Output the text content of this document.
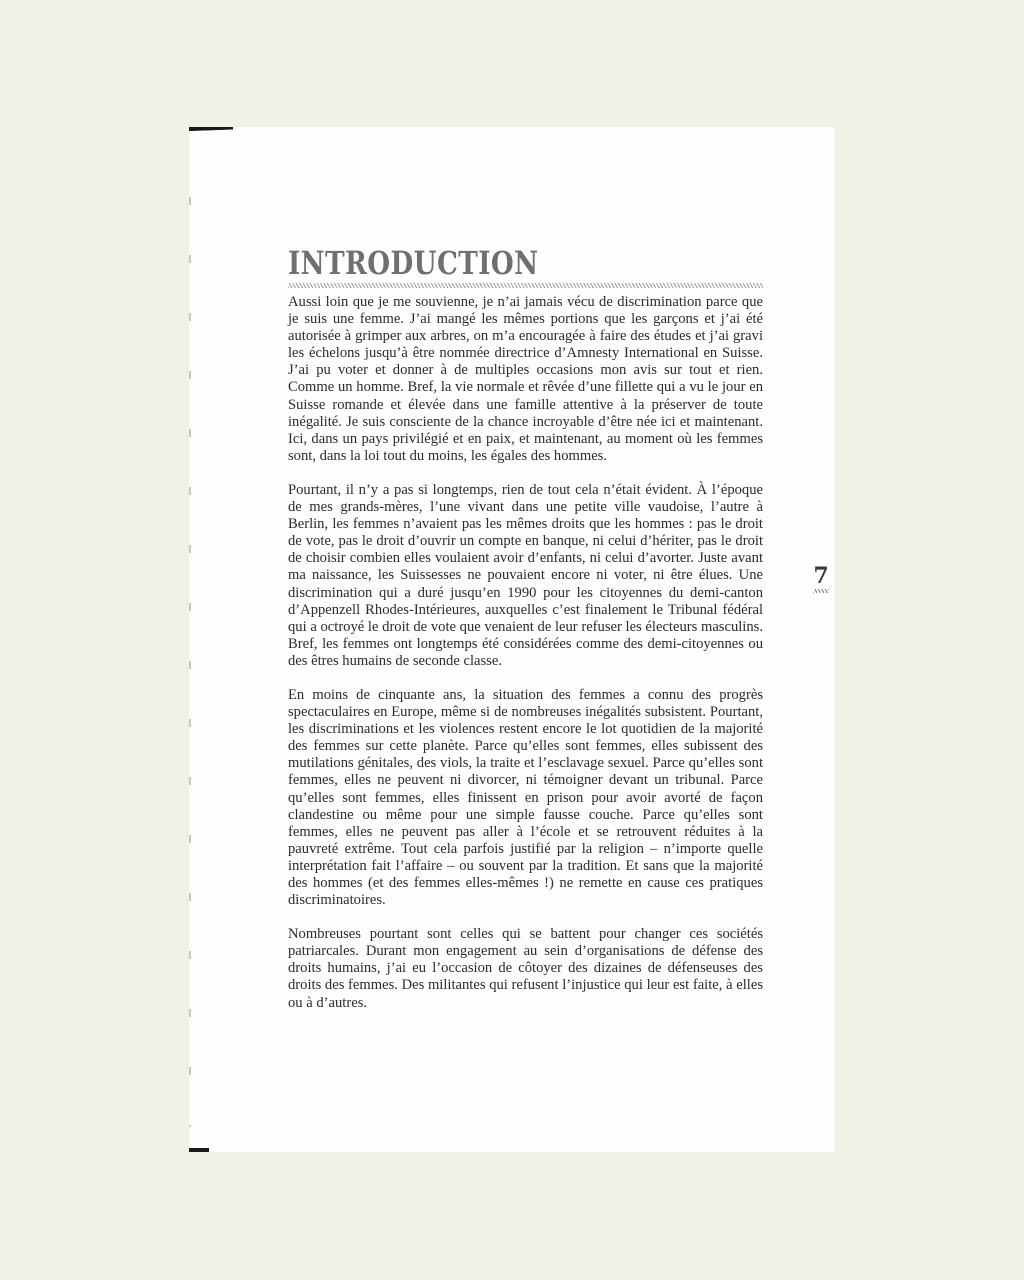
INTRODUCTION

Aussi loin que je me souvienne, je n’ai jamais vécu de discrimination parce que je suis une femme. J’ai mangé les mêmes portions que les garçons et j’ai été autorisée à grimper aux arbres, on m’a encouragée à faire des études et j’ai gravi les échelons jusqu’à être nommée directrice d’Amnesty International en Suisse. J’ai pu voter et donner à de multiples occasions mon avis sur tout et rien. Comme un homme. Bref, la vie normale et rêvée d’une fillette qui a vu le jour en Suisse romande et élevée dans une famille attentive à la préserver de toute inégalité. Je suis consciente de la chance incroyable d’être née ici et maintenant. Ici, dans un pays privilégié et en paix, et maintenant, au moment où les femmes sont, dans la loi tout du moins, les égales des hommes.

Pourtant, il n’y a pas si longtemps, rien de tout cela n’était évident. À l’époque de mes grands-mères, l’une vivant dans une petite ville vaudoise, l’autre à Berlin, les femmes n’avaient pas les mêmes droits que les hommes : pas le droit de vote, pas le droit d’ouvrir un compte en banque, ni celui d’hériter, pas le droit de choisir combien elles voulaient avoir d’enfants, ni celui d’avorter. Juste avant ma naissance, les Suissesses ne pouvaient encore ni voter, ni être élues. Une discrimination qui a duré jusqu’en 1990 pour les citoyennes du demi-canton d’Appenzell Rhodes-Intérieures, auxquelles c’est finalement le Tribunal fédéral qui a octroyé le droit de vote que venaient de leur refuser les électeurs masculins. Bref, les femmes ont longtemps été considérées comme des demi-citoyennes ou des êtres humains de seconde classe.

En moins de cinquante ans, la situation des femmes a connu des progrès spectaculaires en Europe, même si de nombreuses inégalités subsistent. Pourtant, les discriminations et les violences restent encore le lot quotidien de la majorité des femmes sur cette planète. Parce qu’elles sont femmes, elles subissent des mutilations génitales, des viols, la traite et l’esclavage sexuel. Parce qu’elles sont femmes, elles ne peuvent ni divorcer, ni témoigner devant un tribunal. Parce qu’elles sont femmes, elles finissent en prison pour avoir avorté de façon clandestine ou même pour une simple fausse couche. Parce qu’elles sont femmes, elles ne peuvent pas aller à l’école et se retrouvent réduites à la pauvreté extrême. Tout cela parfois justifié par la religion – n’importe quelle interprétation fait l’affaire – ou souvent par la tradition. Et sans que la majorité des hommes (et des femmes elles-mêmes !) ne remette en cause ces pratiques discriminatoires.

Nombreuses pourtant sont celles qui se battent pour changer ces sociétés patriarcales. Durant mon engagement au sein d’organisations de défense des droits humains, j’ai eu l’occasion de côtoyer des dizaines de défenseuses des droits des femmes. Des militantes qui refusent l’injustice qui leur est faite, à elles ou à d’autres.

7
